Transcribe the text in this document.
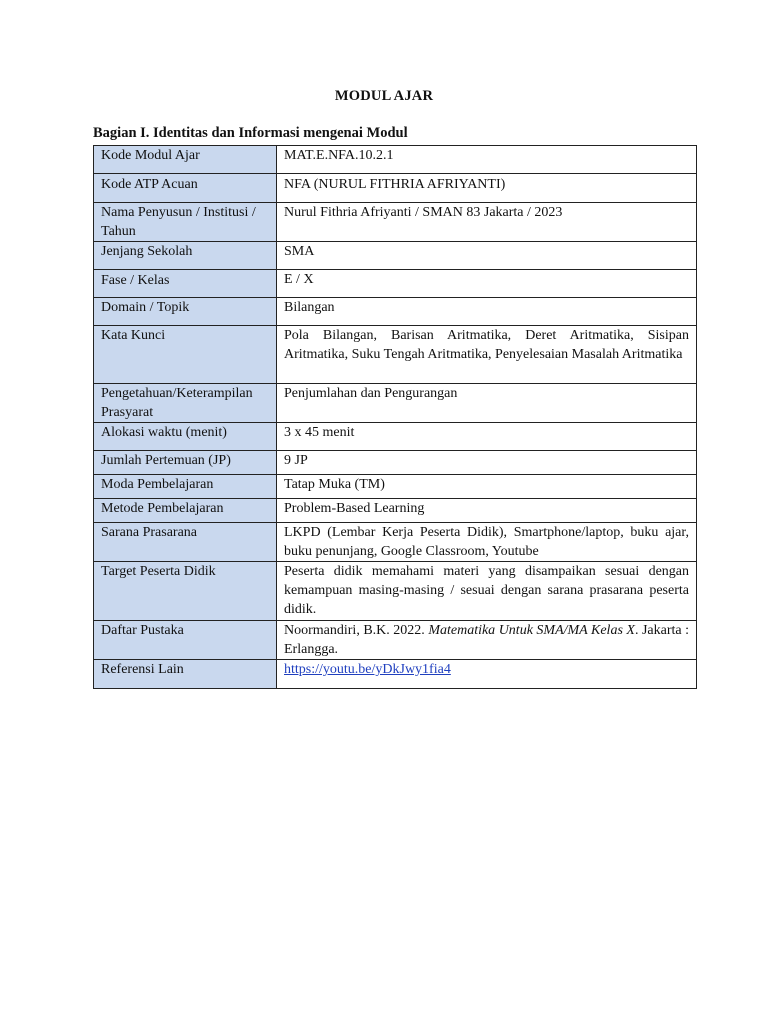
MODUL AJAR
Bagian I. Identitas dan Informasi mengenai Modul
Kode Modul Ajar	MAT.E.NFA.10.2.1
Kode ATP Acuan	NFA (NURUL FITHRIA AFRIYANTI)
Nama Penyusun / Institusi / Tahun	Nurul Fithria Afriyanti / SMAN 83 Jakarta / 2023
Jenjang Sekolah	SMA
Fase / Kelas	E / X
Domain / Topik	Bilangan
Kata Kunci	Pola Bilangan, Barisan Aritmatika, Deret Aritmatika, Sisipan Aritmatika, Suku Tengah Aritmatika, Penyelesaian Masalah Aritmatika
Pengetahuan/Keterampilan Prasyarat	Penjumlahan dan Pengurangan
Alokasi waktu (menit)	3 x 45 menit
Jumlah Pertemuan (JP)	9 JP
Moda Pembelajaran	Tatap Muka (TM)
Metode Pembelajaran	Problem-Based Learning
Sarana Prasarana	LKPD (Lembar Kerja Peserta Didik), Smartphone/laptop, buku ajar, buku penunjang, Google Classroom, Youtube
Target Peserta Didik	Peserta didik memahami materi yang disampaikan sesuai dengan kemampuan masing-masing / sesuai dengan sarana prasarana peserta didik.
Daftar Pustaka	Noormandiri, B.K. 2022. Matematika Untuk SMA/MA Kelas X. Jakarta : Erlangga.
Referensi Lain	https://youtu.be/yDkJwy1fia4
